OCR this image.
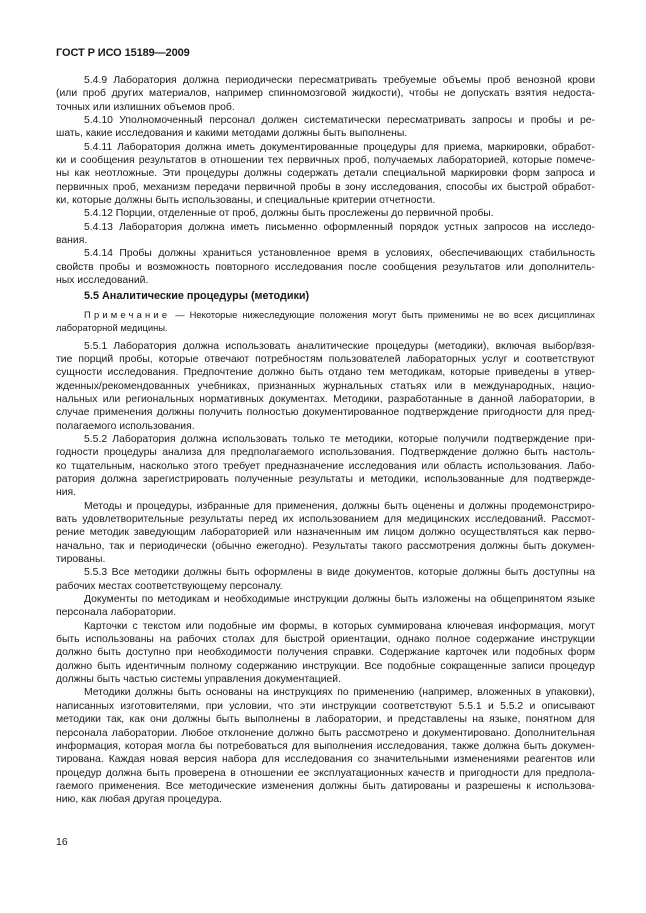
ГОСТ Р ИСО 15189—2009
5.4.9 Лаборатория должна периодически пересматривать требуемые объемы проб венозной крови
(или проб других материалов, например спинномозговой жидкости), чтобы не допускать взятия недоста-
точных или излишних объемов проб.
5.4.10 Уполномоченный персонал должен систематически пересматривать запросы и пробы и ре-
шать, какие исследования и какими методами должны быть выполнены.
5.4.11 Лаборатория должна иметь документированные процедуры для приема, маркировки, обработ-
ки и сообщения результатов в отношении тех первичных проб, получаемых лабораторией, которые помече-
ны как неотложные. Эти процедуры должны содержать детали специальной маркировки форм запроса и
первичных проб, механизм передачи первичной пробы в зону исследования, способы их быстрой обработ-
ки, которые должны быть использованы, и специальные критерии отчетности.
5.4.12 Порции, отделенные от проб, должны быть прослежены до первичной пробы.
5.4.13 Лаборатория должна иметь письменно оформленный порядок устных запросов на исследо-
вания.
5.4.14 Пробы должны храниться установленное время в условиях, обеспечивающих стабильность
свойств пробы и возможность повторного исследования после сообщения результатов или дополнитель-
ных исследований.
5.5 Аналитические процедуры (методики)
Примечание — Некоторые нижеследующие положения могут быть применимы не во всех дисциплинах
лабораторной медицины.
5.5.1 Лаборатория должна использовать аналитические процедуры (методики), включая выбор/взя-
тие порций пробы, которые отвечают потребностям пользователей лабораторных услуг и соответствуют
сущности исследования. Предпочтение должно быть отдано тем методикам, которые приведены в утвер-
жденных/рекомендованных учебниках, признанных журнальных статьях или в международных, нацио-
нальных или региональных нормативных документах. Методики, разработанные в данной лаборатории, в
случае применения должны получить полностью документированное подтверждение пригодности для пред-
полагаемого использования.
5.5.2 Лаборатория должна использовать только те методики, которые получили подтверждение при-
годности процедуры анализа для предполагаемого использования. Подтверждение должно быть настоль-
ко тщательным, насколько этого требует предназначение исследования или область использования. Лабо-
ратория должна зарегистрировать полученные результаты и методики, использованные для подтвержде-
ния.
Методы и процедуры, избранные для применения, должны быть оценены и должны продемонстриро-
вать удовлетворительные результаты перед их использованием для медицинских исследований. Рассмот-
рение методик заведующим лабораторией или назначенным им лицом должно осуществляться как перво-
начально, так и периодически (обычно ежегодно). Результаты такого рассмотрения должны быть докумен-
тированы.
5.5.3 Все методики должны быть оформлены в виде документов, которые должны быть доступны на
рабочих местах соответствующему персоналу.
Документы по методикам и необходимые инструкции должны быть изложены на общепринятом языке
персонала лаборатории.
Карточки с текстом или подобные им формы, в которых суммирована ключевая информация, могут
быть использованы на рабочих столах для быстрой ориентации, однако полное содержание инструкции
должно быть доступно при необходимости получения справки. Содержание карточек или подобных форм
должно быть идентичным полному содержанию инструкции. Все подобные сокращенные записи процедур
должны быть частью системы управления документацией.
Методики должны быть основаны на инструкциях по применению (например, вложенных в упаковки),
написанных изготовителями, при условии, что эти инструкции соответствуют 5.5.1 и 5.5.2 и описывают
методики так, как они должны быть выполнены в лаборатории, и представлены на языке, понятном для
персонала лаборатории. Любое отклонение должно быть рассмотрено и документировано. Дополнительная
информация, которая могла бы потребоваться для выполнения исследования, также должна быть докумен-
тирована. Каждая новая версия набора для исследования со значительными изменениями реагентов или
процедур должна быть проверена в отношении ее эксплуатационных качеств и пригодности для предпола-
гаемого применения. Все методические изменения должны быть датированы и разрешены к использова-
нию, как любая другая процедура.
16
